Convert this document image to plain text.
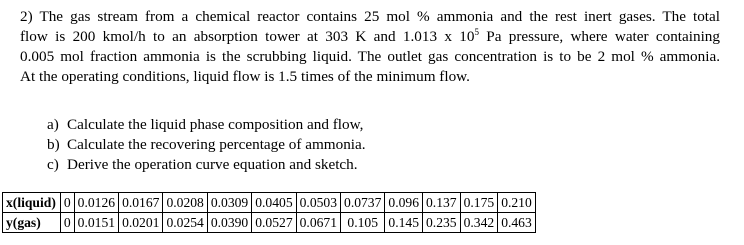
2) The gas stream from a chemical reactor contains 25 mol % ammonia and the rest inert gases. The total
flow is 200 kmol/h to an absorption tower at 303 K and 1.013 x $10^5$ Pa pressure, where water containing
0.005 mol fraction ammonia is the scrubbing liquid. The outlet gas concentration is to be 2 mol % ammonia.
At the operating conditions, liquid flow is 1.5 times of the minimum flow.
a) Calculate the liquid phase composition and flow,
b) Calculate the recovering percentage of ammonia.
c) Derive the operation curve equation and sketch.
x(liquid)	0	0.0126	0.0167	0.0208	0.0309	0.0405	0.0503	0.0737	0.096	0.137	0.175	0.210
y(gas)	0	0.0151	0.0201	0.0254	0.0390	0.0527	0.0671	0.105	0.145	0.235	0.342	0.463
